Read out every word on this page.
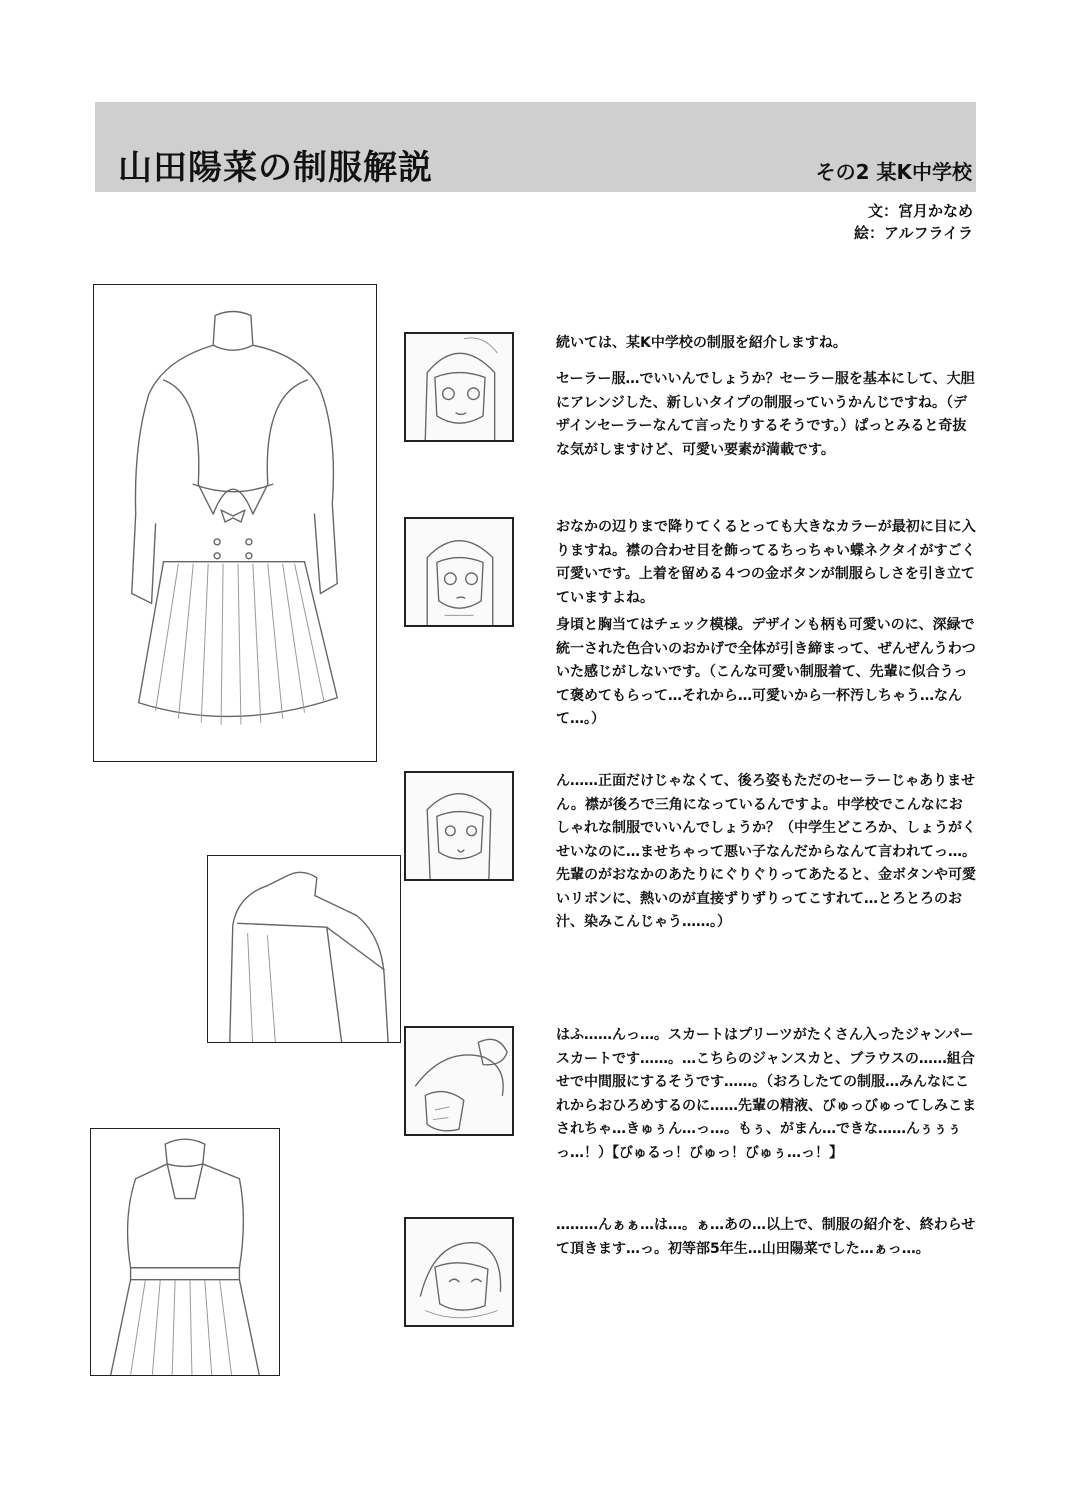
山田陽菜の制服解説	その2 某K中学校
文：宮月かなめ
絵：アルフライラ

続いては、某K中学校の制服を紹介しますね。

セーラー服…でいいんでしょうか？セーラー服を基本にして、大胆にアレンジした、新しいタイプの制服っていうかんじですね。（デザインセーラーなんて言ったりするそうです。）ぱっとみると奇抜な気がしますけど、可愛い要素が満載です。

おなかの辺りまで降りてくるとっても大きなカラーが最初に目に入りますね。襟の合わせ目を飾ってるちっちゃい蝶ネクタイがすごく可愛いです。上着を留める４つの金ボタンが制服らしさを引き立てていますよね。

身頃と胸当てはチェック模様。デザインも柄も可愛いのに、深緑で統一された色合いのおかげで全体が引き締まって、ぜんぜんうわついた感じがしないです。（こんな可愛い制服着て、先輩に似合うって褒めてもらって…それから…可愛いから一杯汚しちゃう…なんて…。）

ん……正面だけじゃなくて、後ろ姿もただのセーラーじゃありません。襟が後ろで三角になっているんですよ。中学校でこんなにおしゃれな制服でいいんでしょうか？（中学生どころか、しょうがくせいなのに…ませちゃって悪い子なんだからなんて言われてっ…。先輩のがおなかのあたりにぐりぐりってあたると、金ボタンや可愛いリボンに、熱いのが直接ずりずりってこすれて…とろとろのお汁、染みこんじゃう……。）

はふ……んっ…。スカートはプリーツがたくさん入ったジャンパースカートです……。…こちらのジャンスカと、ブラウスの……組合せで中間服にするそうです……。（おろしたての制服…みんなにこれからおひろめするのに……先輩の精液、びゅっびゅってしみこまされちゃ…きゅぅん…っ…。もぅ、がまん…できな……んぅぅぅっ…！）【びゅるっ！びゅっ！びゅぅ…っ！】

………んぁぁ…は…。ぁ…あの…以上で、制服の紹介を、終わらせて頂きます…っ。初等部5年生…山田陽菜でした…ぁっ…。
